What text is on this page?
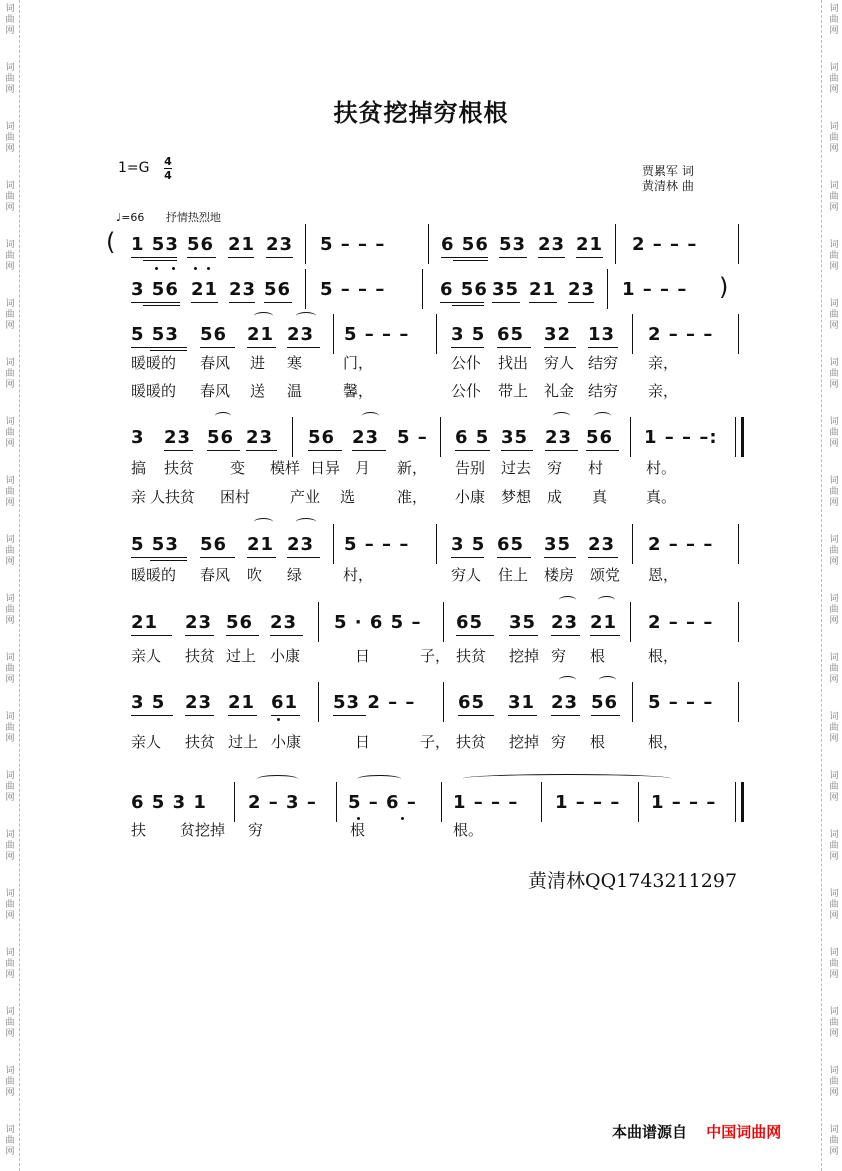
词
曲
网
词
曲
网
词
曲
网
词
曲
网
词
曲
网
词
曲
网
词
曲
网
词
曲
网
词
曲
网
词
曲
网
词
曲
网
词
曲
网
词
曲
网
词
曲
网
词
曲
网
词
曲
网
词
曲
网
词
曲
网
词
曲
网
词
曲
网
词
曲
网
词
曲
网
词
曲
网
词
曲
网
词
曲
网
词
曲
网
词
曲
网
词
曲
网
词
曲
网
词
曲
网
词
曲
网
词
曲
网
词
曲
网
词
曲
网
词
曲
网
词
曲
网
词
曲
网
词
曲
网
词
曲
网
词
曲
网
扶贫挖掉穷根根
1=G 4
4	贾累军 词
黄清林 曲
♩=66 抒情热烈地
( 1 53 56 21 23 5 – – –	6 56 53 23 21 2 – – –
3 56 21 23 56 5 – – –	6 56 35 21 23 1 – – – )
5 53 56 21 23 5 – – – 3 5 65 32 13 2 – – –
暖暖的 春风 进 寒	门，	公仆 找出 穷人 结穷 亲，
暖暖的 春风 送 温	馨，	公仆 带上 礼金 结穷 亲，
3 23 56 23 56 23 5 – 6 5 35 23 56 1 – – –:
搞 扶贫 变 模样 日异 月 新， 告别 过去 穷 村	村。
亲 人扶贫 困村	产业 选	准， 小康 梦想 成 真	真。
5 53 56 21 23 5 – – – 3 5 65 35 23 2 – – –
暖暖的 春风 吹 绿	村，	穷人 住上 楼房 颂党 恩，
21 23 56 23 5 · 6 5 – 65 35 23 21 2 – – –
亲人 扶贫 过上 小康	日	子， 扶贫 挖掉 穷 根	根，
3 5 23 21 61 53 2 – – 65 31 23 56 5 – – –
亲人 扶贫 过上 小康	日	子， 扶贫 挖掉 穷 根	根，
6 5 3 1 2 – 3 – 5 – 6 – 1 – – – 1 – – – 1 – – –
扶 贫挖掉 穷	根	根。
黄清林QQ1743211297
本曲谱源自 中国词曲网
